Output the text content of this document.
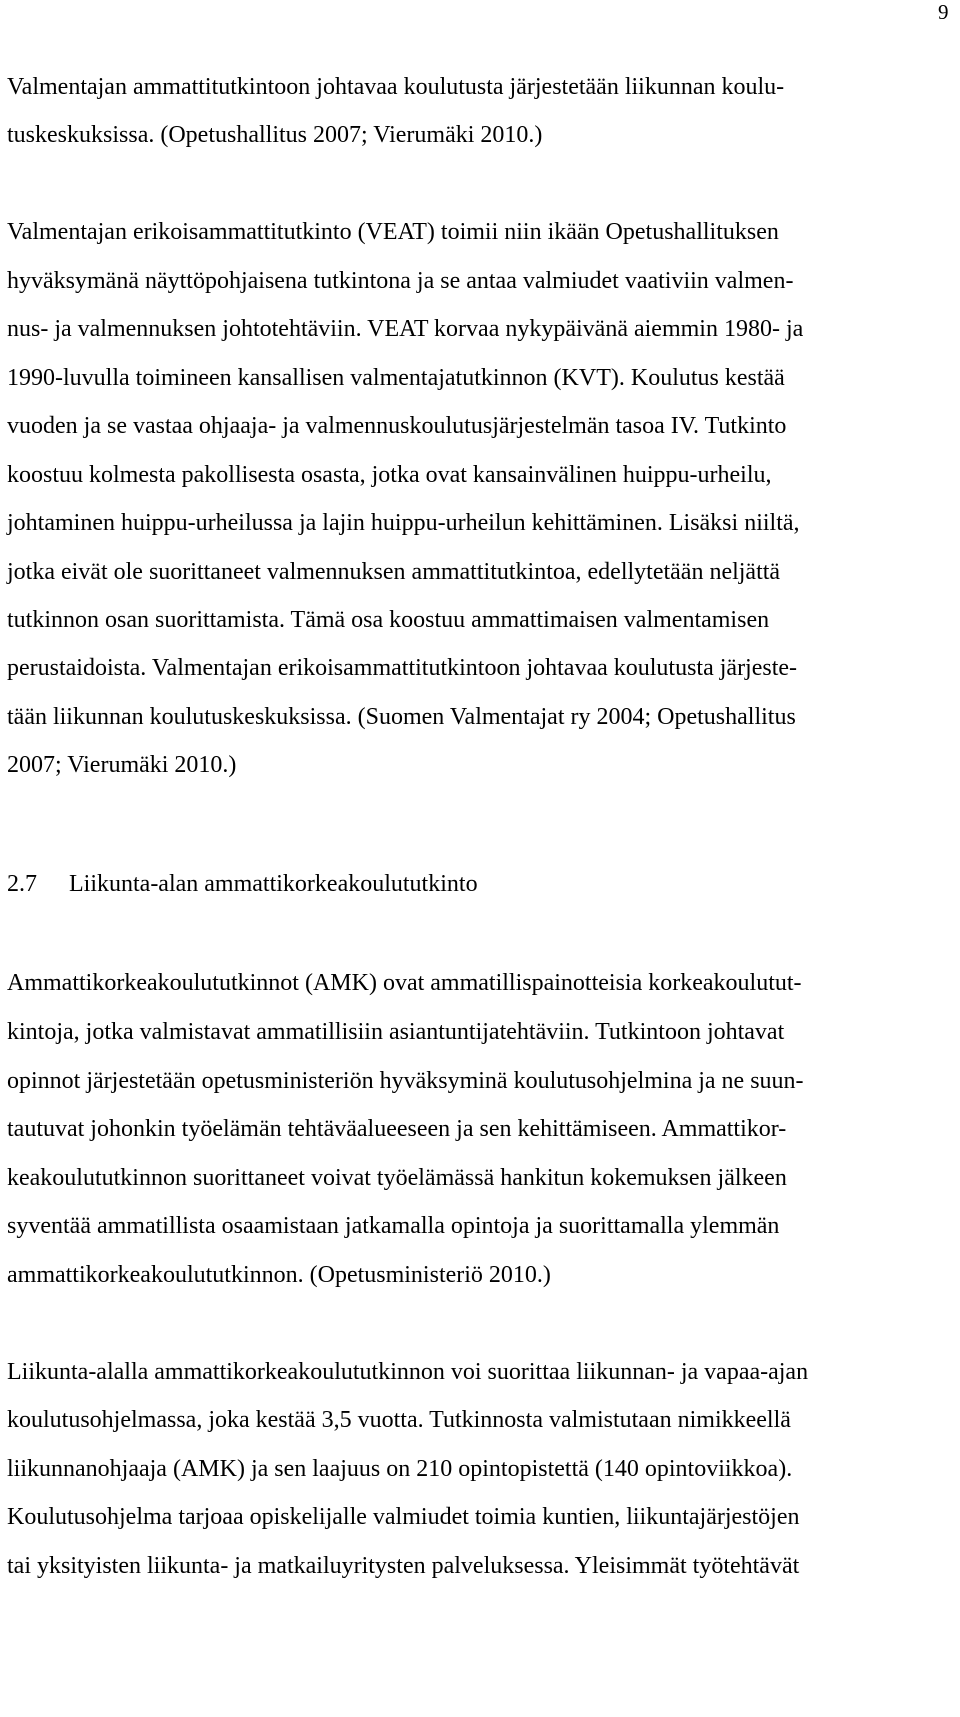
9
Valmentajan ammattitutkintoon johtavaa koulutusta järjestetään liikunnan koulu-
tuskeskuksissa. (Opetushallitus 2007; Vierumäki 2010.)
Valmentajan erikoisammattitutkinto (VEAT) toimii niin ikään Opetushallituksen
hyväksymänä näyttöpohjaisena tutkintona ja se antaa valmiudet vaativiin valmen-
nus- ja valmennuksen johtotehtäviin. VEAT korvaa nykypäivänä aiemmin 1980- ja
1990-luvulla toimineen kansallisen valmentajatutkinnon (KVT). Koulutus kestää
vuoden ja se vastaa ohjaaja- ja valmennuskoulutusjärjestelmän tasoa IV. Tutkinto
koostuu kolmesta pakollisesta osasta, jotka ovat kansainvälinen huippu-urheilu,
johtaminen huippu-urheilussa ja lajin huippu-urheilun kehittäminen. Lisäksi niiltä,
jotka eivät ole suorittaneet valmennuksen ammattitutkintoa, edellytetään neljättä
tutkinnon osan suorittamista. Tämä osa koostuu ammattimaisen valmentamisen
perustaidoista. Valmentajan erikoisammattitutkintoon johtavaa koulutusta järjeste-
tään liikunnan koulutuskeskuksissa. (Suomen Valmentajat ry 2004; Opetushallitus
2007; Vierumäki 2010.)
2.7 Liikunta-alan ammattikorkeakoulututkinto
Ammattikorkeakoulututkinnot (AMK) ovat ammatillispainotteisia korkeakoulutut-
kintoja, jotka valmistavat ammatillisiin asiantuntijatehtäviin. Tutkintoon johtavat
opinnot järjestetään opetusministeriön hyväksyminä koulutusohjelmina ja ne suun-
tautuvat johonkin työelämän tehtäväalueeseen ja sen kehittämiseen. Ammattikor-
keakoulututkinnon suorittaneet voivat työelämässä hankitun kokemuksen jälkeen
syventää ammatillista osaamistaan jatkamalla opintoja ja suorittamalla ylemmän
ammattikorkeakoulututkinnon. (Opetusministeriö 2010.)
Liikunta-alalla ammattikorkeakoulututkinnon voi suorittaa liikunnan- ja vapaa-ajan
koulutusohjelmassa, joka kestää 3,5 vuotta. Tutkinnosta valmistutaan nimikkeellä
liikunnanohjaaja (AMK) ja sen laajuus on 210 opintopistettä (140 opintoviikkoa).
Koulutusohjelma tarjoaa opiskelijalle valmiudet toimia kuntien, liikuntajärjestöjen
tai yksityisten liikunta- ja matkailuyritysten palveluksessa. Yleisimmät työtehtävät
